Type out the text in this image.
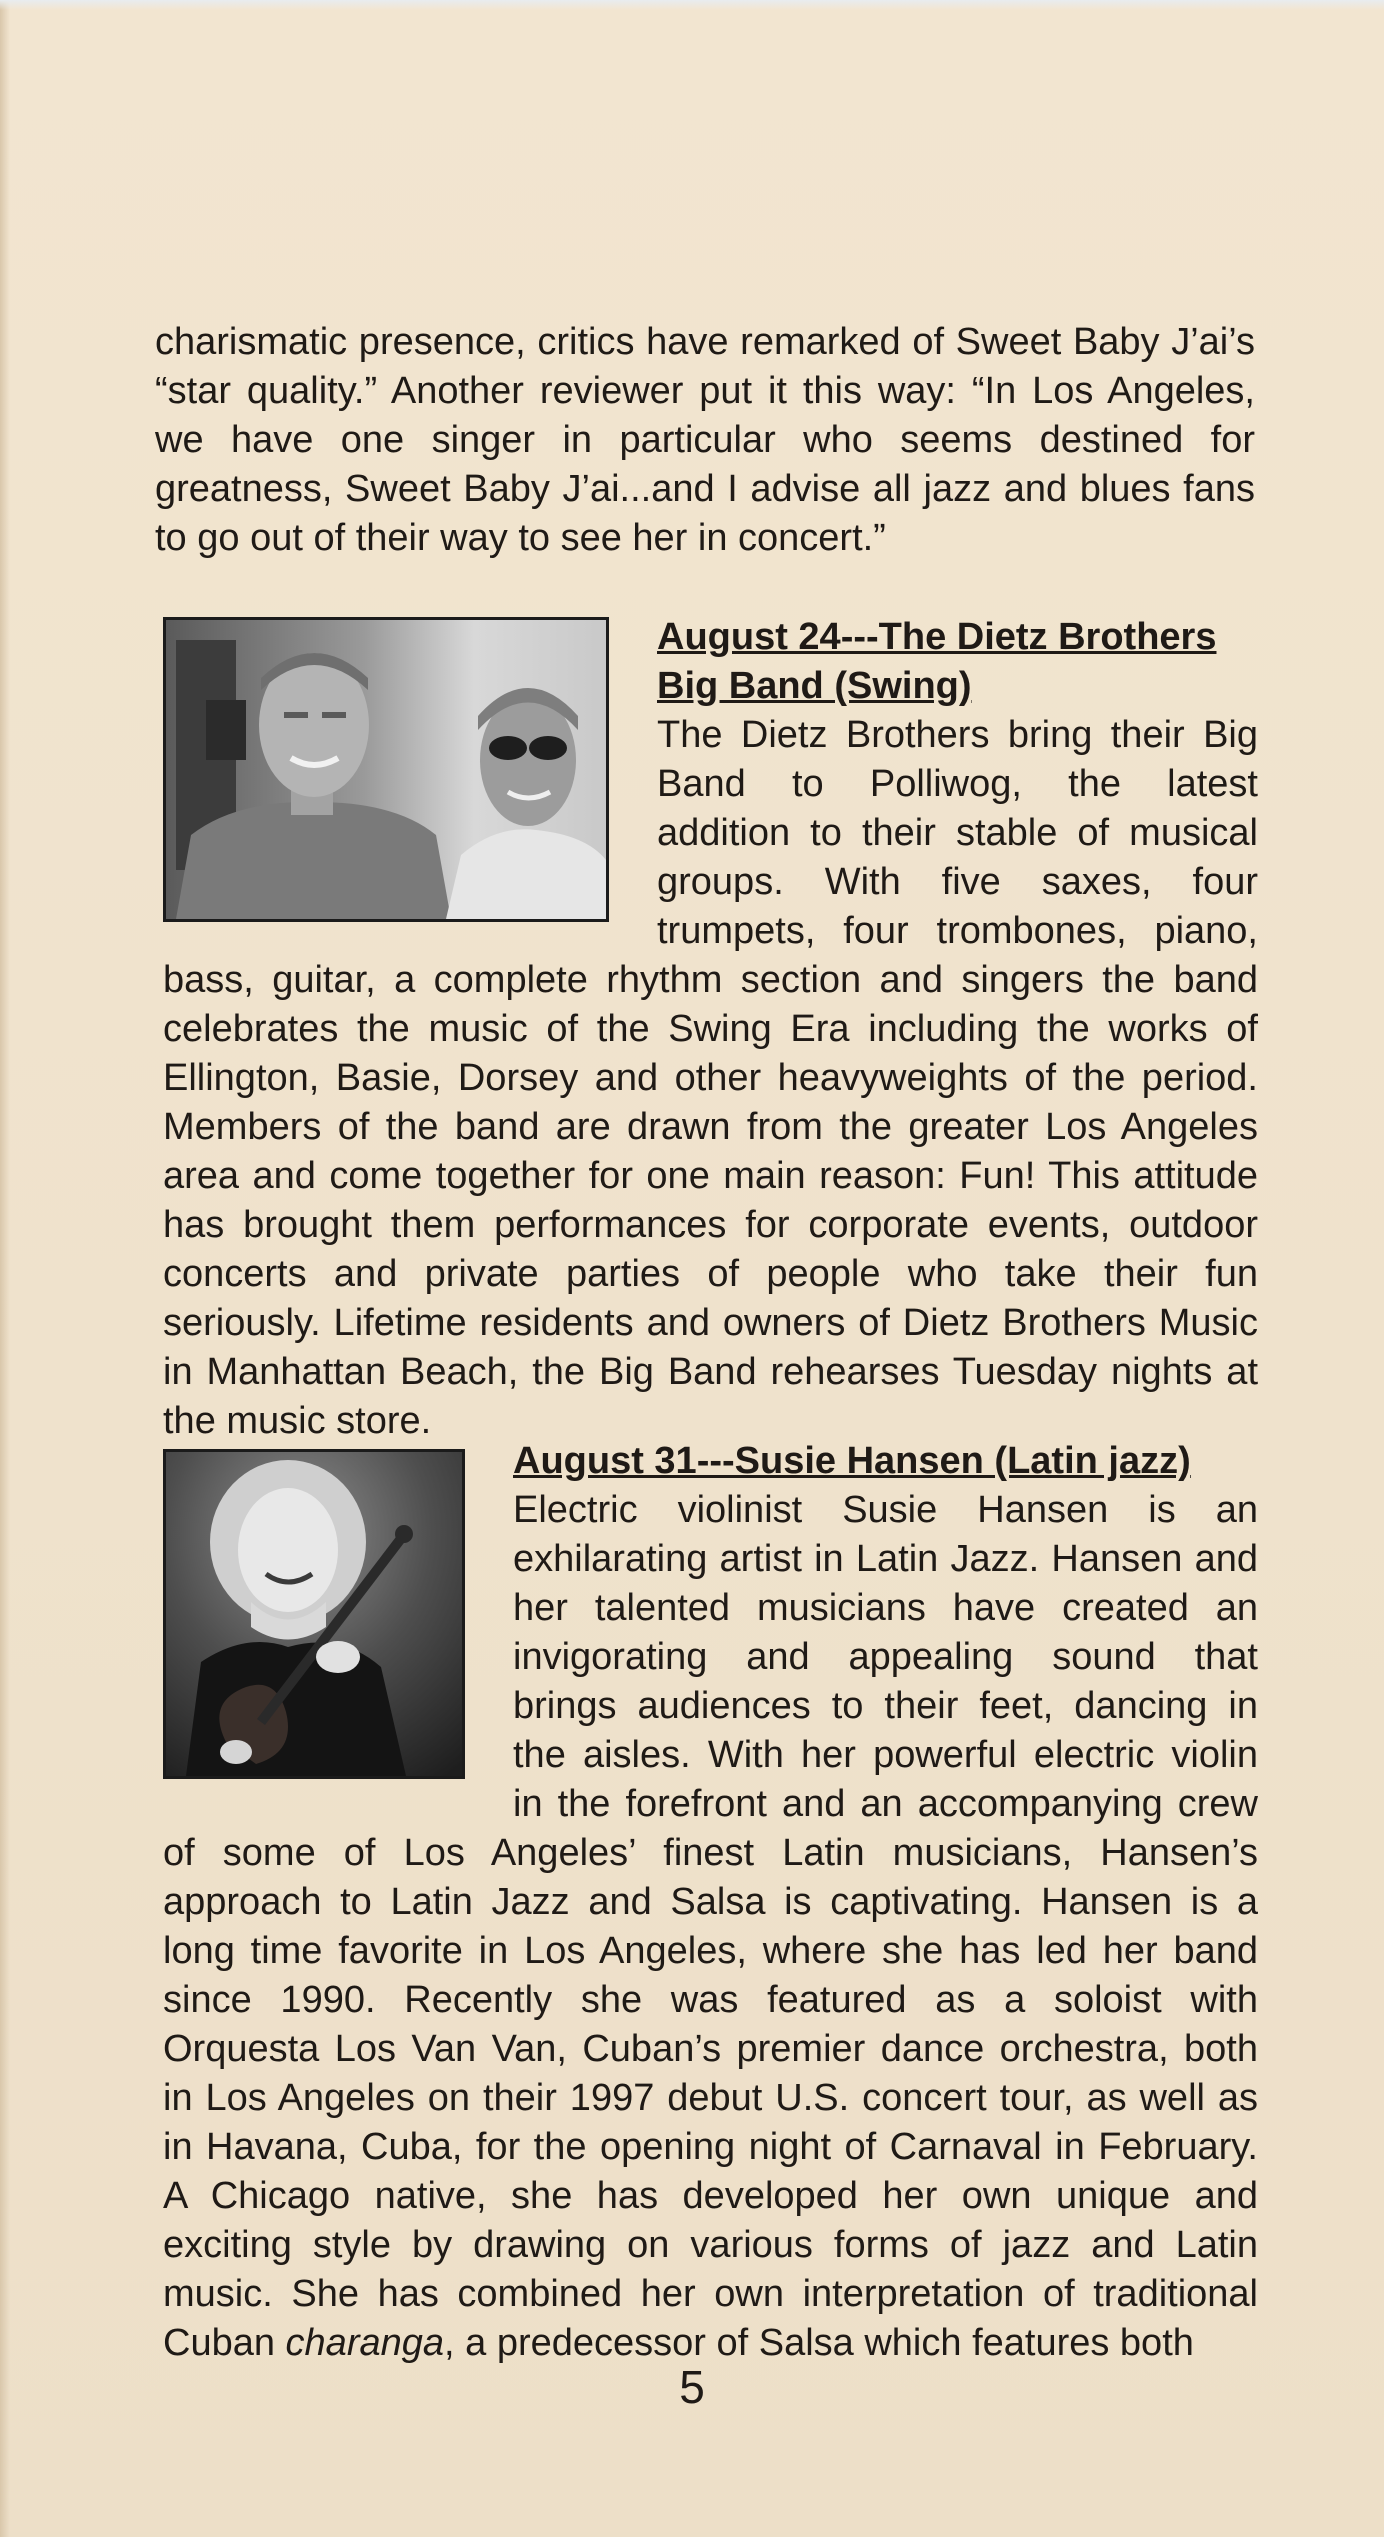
charismatic presence, critics have remarked of Sweet Baby J’ai’s “star quality.” Another reviewer put it this way: “In Los Angeles, we have one singer in particular who seems destined for greatness, Sweet Baby J’ai...and I advise all jazz and blues fans to go out of their way to see her in concert.”

August 24---The Dietz Brothers Big Band (Swing)

The Dietz Brothers bring their Big Band to Polliwog, the latest addition to their stable of musical groups. With five saxes, four trumpets, four trombones, piano, bass, guitar, a complete rhythm section and singers the band celebrates the music of the Swing Era including the works of Ellington, Basie, Dorsey and other heavyweights of the period. Members of the band are drawn from the greater Los Angeles area and come together for one main reason: Fun! This attitude has brought them performances for corporate events, outdoor concerts and private parties of people who take their fun seriously. Lifetime residents and owners of Dietz Brothers Music in Manhattan Beach, the Big Band rehearses Tuesday nights at the music store.

August 31---Susie Hansen (Latin jazz)

Electric violinist Susie Hansen is an exhilarating artist in Latin Jazz. Hansen and her talented musicians have created an invigorating and appealing sound that brings audiences to their feet, dancing in the aisles. With her powerful electric violin in the forefront and an accompanying crew of some of Los Angeles’ finest Latin musicians, Hansen’s approach to Latin Jazz and Salsa is captivating. Hansen is a long time favorite in Los Angeles, where she has led her band since 1990. Recently she was featured as a soloist with Orquesta Los Van Van, Cuban’s premier dance orchestra, both in Los Angeles on their 1997 debut U.S. concert tour, as well as in Havana, Cuba, for the opening night of Carnaval in February. A Chicago native, she has developed her own unique and exciting style by drawing on various forms of jazz and Latin music. She has combined her own interpretation of traditional Cuban charanga, a predecessor of Salsa which features both

5
